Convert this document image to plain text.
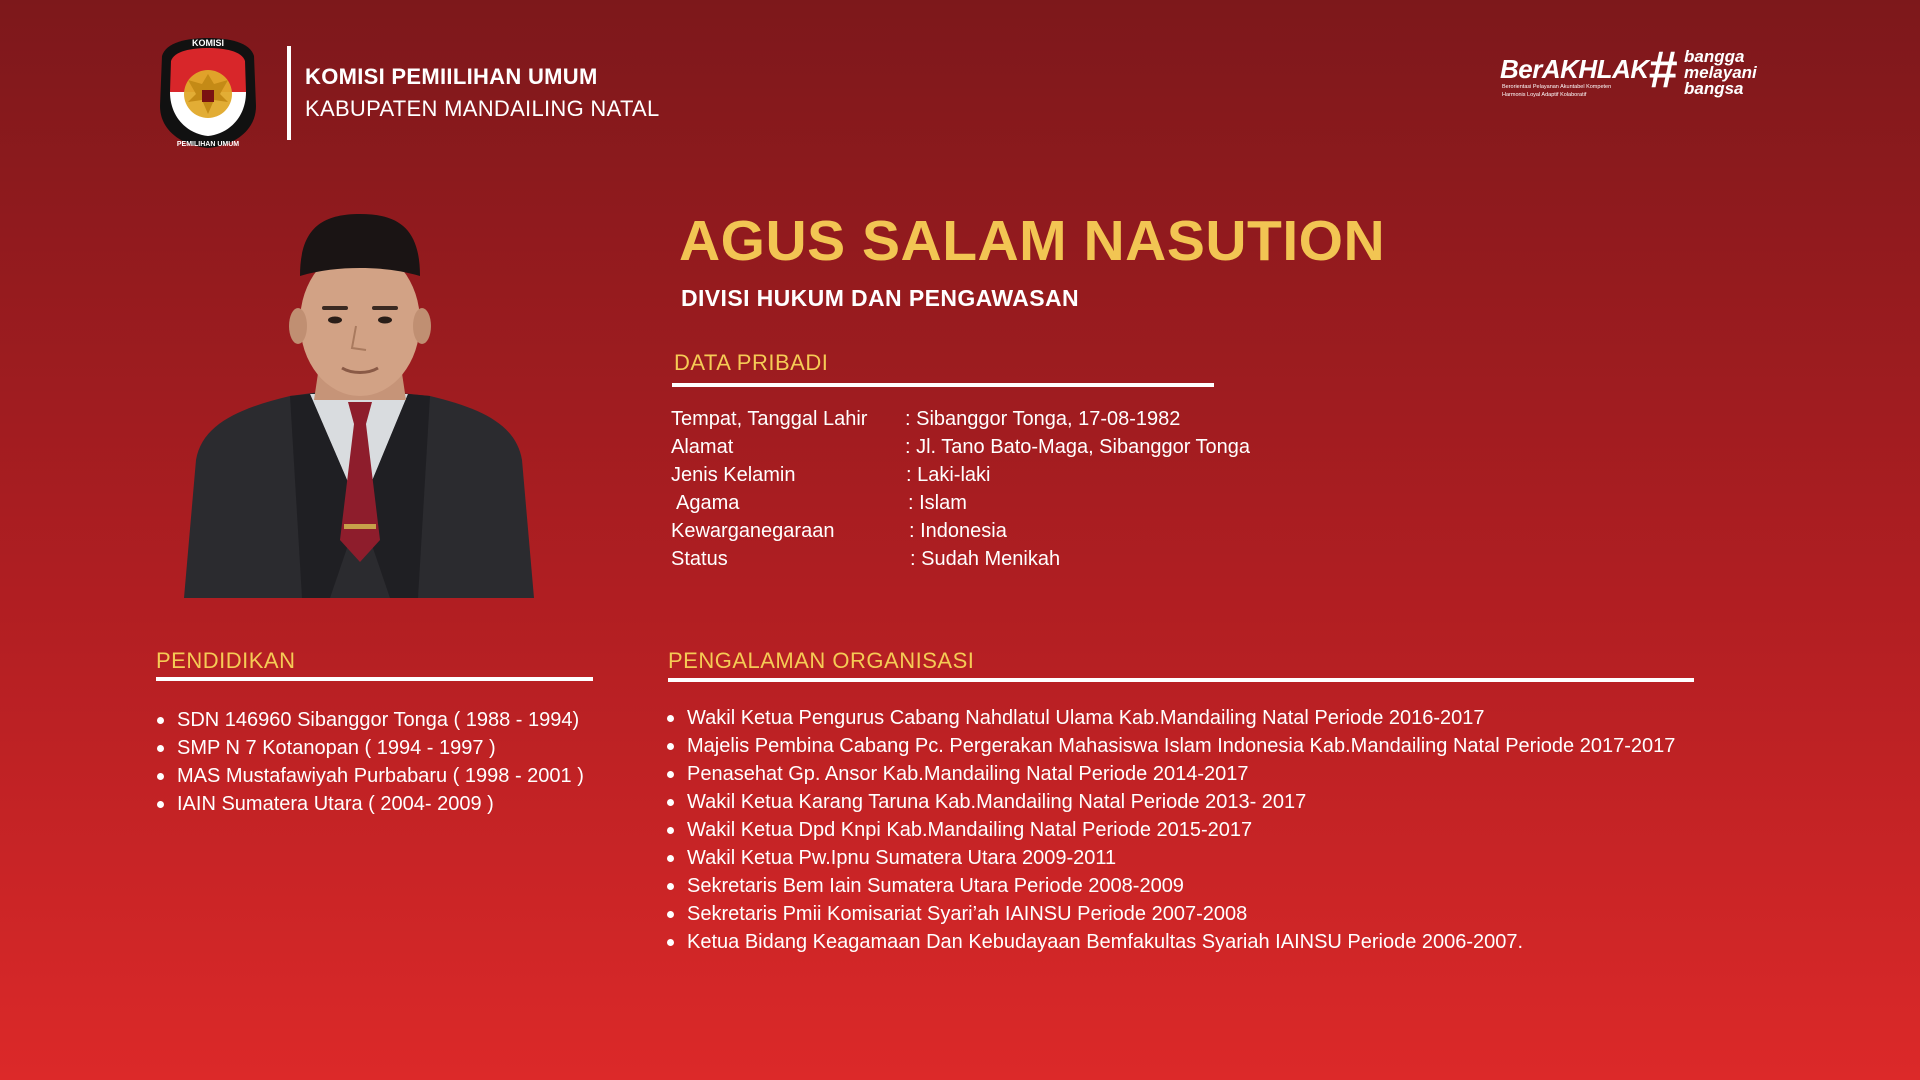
KOMISI
PEMILIHAN UMUM
KOMISI PEMIILIHAN UMUM
KABUPATEN MANDAILING NATAL
BerAKHLAK
Berorientasi Pelayanan Akuntabel Kompeten
Harmonis Loyal Adaptif Kolaboratif # bangga
melayani
bangsa
AGUS SALAM NASUTION
DIVISI HUKUM DAN PENGAWASAN
DATA PRIBADI
Tempat, Tanggal Lahir : Sibanggor Tonga, 17-08-1982
Alamat	: Jl. Tano Bato-Maga, Sibanggor Tonga
Jenis Kelamin	: Laki-laki
Agama	: Islam
Kewarganegaraan	: Indonesia
Status	: Sudah Menikah
PENDIDIKAN
SDN 146960 Sibanggor Tonga ( 1988 - 1994)
SMP N 7 Kotanopan ( 1994 - 1997 )
MAS Mustafawiyah Purbabaru ( 1998 - 2001 )
IAIN Sumatera Utara ( 2004- 2009 )
PENGALAMAN ORGANISASI
Wakil Ketua Pengurus Cabang Nahdlatul Ulama Kab.Mandailing Natal Periode 2016-2017
Majelis Pembina Cabang Pc. Pergerakan Mahasiswa Islam Indonesia Kab.Mandailing Natal Periode 2017-2017
Penasehat Gp. Ansor Kab.Mandailing Natal Periode 2014-2017
Wakil Ketua Karang Taruna Kab.Mandailing Natal Periode 2013- 2017
Wakil Ketua Dpd Knpi Kab.Mandailing Natal Periode 2015-2017
Wakil Ketua Pw.Ipnu Sumatera Utara 2009-2011
Sekretaris Bem Iain Sumatera Utara Periode 2008-2009
Sekretaris Pmii Komisariat Syari’ah IAINSU Periode 2007-2008
Ketua Bidang Keagamaan Dan Kebudayaan Bemfakultas Syariah IAINSU Periode 2006-2007.
